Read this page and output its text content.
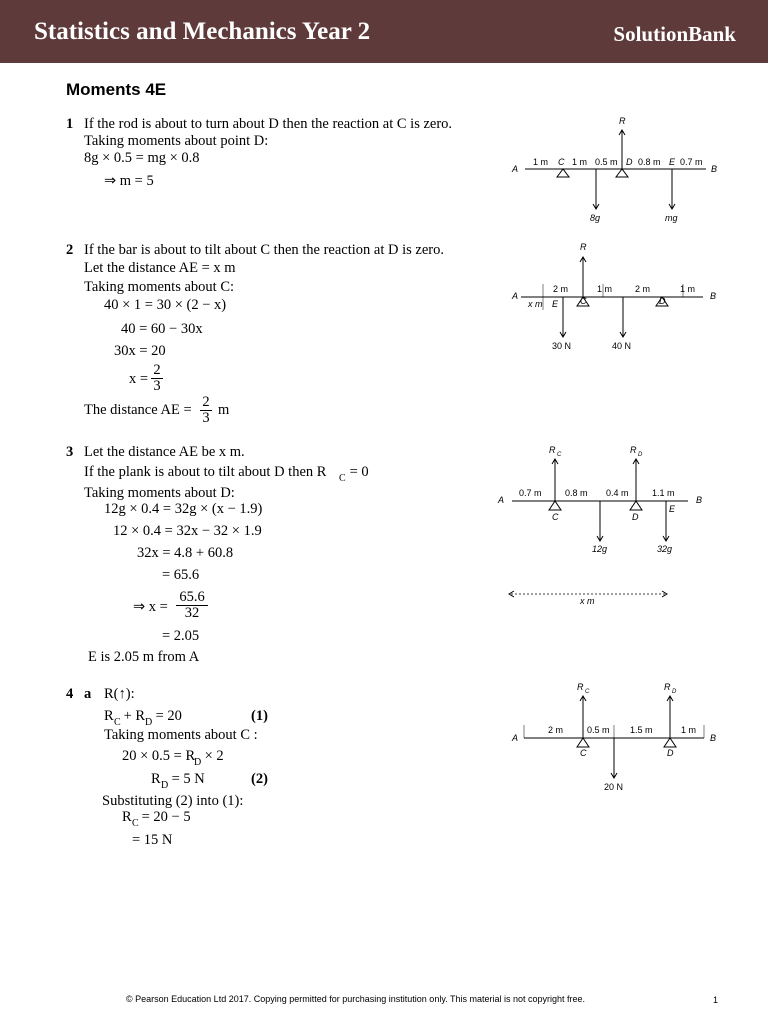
Statistics and Mechanics Year 2	SolutionBank
Moments 4E
1 If the rod is about to turn about D then the reaction at C is zero.
Taking moments about point D:
8g × 0.5 = mg × 0.8
⇒ m = 5
R
A	B
1 m C 1 m 0.5 m D 0.8 m E 0.7 m
8g	mg
2 If the bar is about to tilt about C then the reaction at D is zero.
Let the distance AE = x m
Taking moments about C:
40 × 1 = 30 × (2 − x)
40 = 60 − 30x
30x = 20
$x = \frac{2}{3}$
The distance AE = $\frac{2}{3}$ m
R
A	B
2 m	1 m	2 m	1 m
x m E C	D
30 N	40 N
3 Let the distance AE be x m.
If the plank is about to tilt about D then R C = 0
Taking moments about D:
12g × 0.4 = 32g × (x − 1.9)
12 × 0.4 = 32x − 32 × 1.9
32x = 4.8 + 60.8
= 65.6
⇒ $x = \frac{65.6}{32}$
= 2.05
E is 2.05 m from A
R C	R D
A	B
0.7 m	0.8 m 0.4 m	1.1 m
C	D
E
12g	32g
x m
4 a R(↑):
R C + R D = 20	(1)
Taking moments about C :
20 × 0.5 = R
D × 2
R D = 5 N	(2)
Substituting (2) into (1):
R C = 20 − 5
= 15 N
R C	R D
A	B
2 m	0.5 m 1.5 m	1 m
C	D
20 N
© Pearson Education Ltd 2017. Copying permitted for purchasing institution only. This material is not copyright free.	1
